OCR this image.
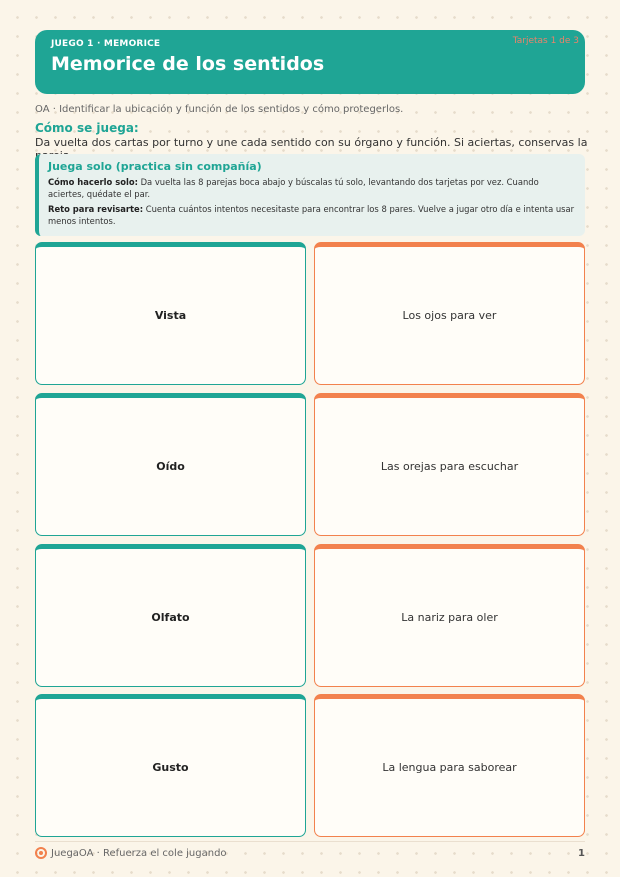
JUEGO 1 · MEMORICE
Memorice de los sentidos
Tarjetas 1 de 3
OA · Identificar la ubicación y función de los sentidos y cómo protegerlos.
Cómo se juega:
Da vuelta dos cartas por turno y une cada sentido con su órgano y función. Si aciertas, conservas la
Juega solo (practica sin compañía)

Cómo hacerlo solo: Da vuelta las 8 parejas boca abajo y búscalas tú solo, levantando dos tarjetas por vez. Cuando aciertes, quédate el par.

Reto para revisarte: Cuenta cuántos intentos necesitaste para encontrar los 8 pares. Vuelve a jugar otro día e intenta usar menos intentos.

Vista	Los ojos para ver
Oído	Las orejas para escuchar
Olfato	La nariz para oler
Gusto	La lengua para saborear
JuegaOA · Refuerza el cole jugando	1
